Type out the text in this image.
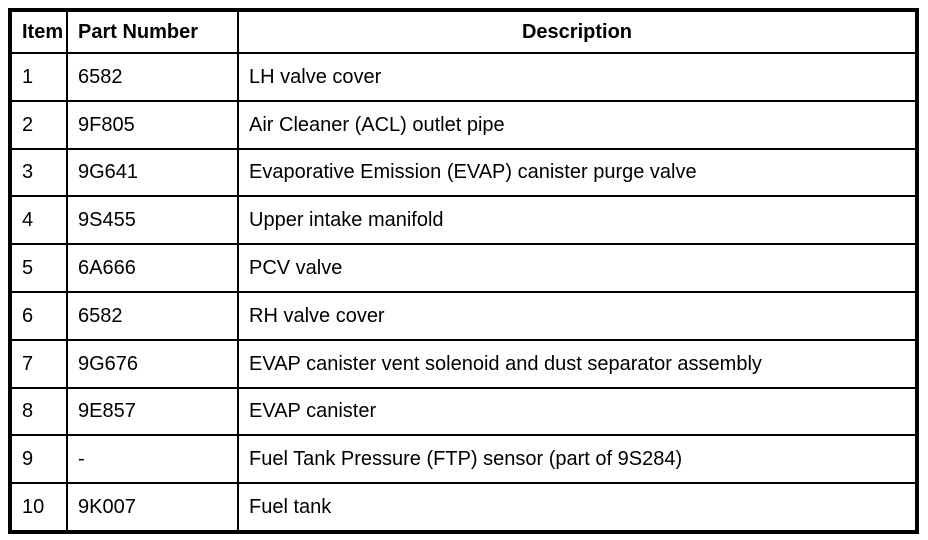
Item	Part Number	Description
1	6582	LH valve cover
2	9F805	Air Cleaner (ACL) outlet pipe
3	9G641	Evaporative Emission (EVAP) canister purge valve
4	9S455	Upper intake manifold
5	6A666	PCV valve
6	6582	RH valve cover
7	9G676	EVAP canister vent solenoid and dust separator assembly
8	9E857	EVAP canister
9	-	Fuel Tank Pressure (FTP) sensor (part of 9S284)
10	9K007	Fuel tank
